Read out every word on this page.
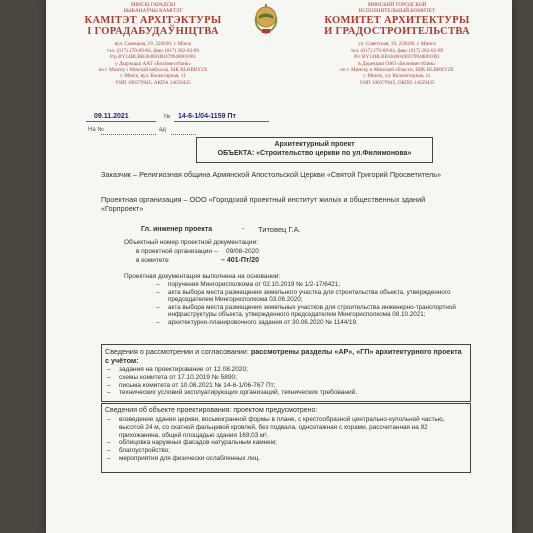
МІНСКІ ГАРАДСКІ
ВЫКАНАЎЧЫ КАМІТЭТ
КАМІТЭТ АРХІТЭКТУРЫ
І ГОРАДАБУДАЎНІЦТВА
вул. Савецкая, 19, 220030, г. Мінск
тэл. (017) 270-69-84, факс (017) 282-82-89
Р/р BY14BLBB30400100379948001001
у Дырэкцыі ААТ «Белінвестбанк»
па г. Мінску і Мінскай вобласці, БІК BLBBBY2X
г. Мінск, вул. Калектарная, 11
УНП 100379945, АКПА 14659435
МИНСКИЙ ГОРОДСКОЙ
ИСПОЛНИТЕЛЬНЫЙ КОМИТЕТ
КОМИТЕТ АРХИТЕКТУРЫ
И ГРАДОСТРОИТЕЛЬСТВА
ул. Советская, 19, 220030, г. Минск
тел. (017) 270-69-84, факс (017) 282-82-89
Р/с BY14BLBB30400100379948001001
в Дирекции ОАО «Белинвестбанк»
по г. Минску и Минской области, БИК BLBBBY2X
г. Минск, ул. Коллекторная, 11
УНП 100379945, ОКПО 14659435
09.11.2021	№ 14-6-1/04-1159 Пт
На №	ад
Архитектурный проект
ОБЪЕКТА: «Строительство церкви по ул.Филимонова»
Заказчик – Религиозная община Армянской Апостольской Церкви «Святой Григорий Просветитель»
Проектная организация – ООО «Городской проектный институт жилых и общественных зданий «Горпроект»
Гл. инженер проекта	- Титовец Г.А.
Объектный номер проектной документации:
в проектной организации – 09/08-2020
в комитете	– 401-Пт/20
Проектная документация выполнена на основании:
– поручения Мингорисполкома от 02.10.2019 № 1/2-17/6421;
– акта выбора места размещения земельного участка для строительства объекта, утвержденного председателем Мингорисполкома 03.06.2020;
– акта выбора места размещения земельных участков для строительства инженерно-транспортной инфраструктуры объекта, утвержденного председателем Мингорисполкома 08.10.2021;
– архитектурно-планировочного задания от 30.06.2020 № 1144/19.
Сведения о рассмотрении и согласовании: рассмотрены разделы «АР», «ГП» архитектурного проекта с учётом:
– задания на проектирование от 12.08.2020;
– схемы комитета от 17.10.2019 № 5890;
– письма комитета от 10.08.2021 № 14-6-1/06-767 Пт;
– технических условий эксплуатирующих организаций, технических требований.
Сведения об объекте проектирования: проектом предусмотрено:
– возведение здания церкви, восьмигранной формы в плане, с крестообразной центрально-купольной частью, высотой 24 м, со скатной фальцевой кровлей, без подвала, одноэтажная с хорами, рассчитанная на 92 прихожанина, общей площадью здания 169,03 м².
– облицовка наружных фасадов натуральным камнем;
– благоустройство;
– мероприятия для физически ослабленных лиц.
